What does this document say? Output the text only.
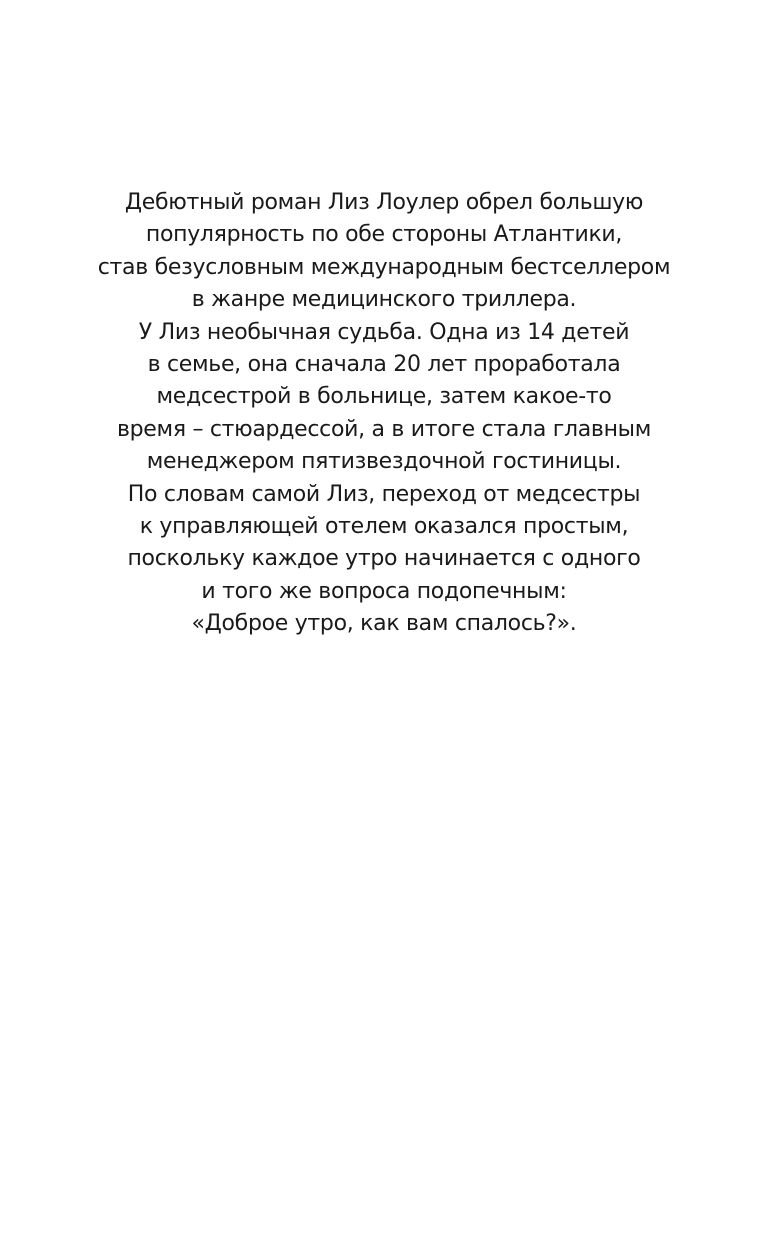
Дебютный роман Лиз Лоулер обрел большую
популярность по обе стороны Атлантики,
став безусловным международным бестселлером
в жанре медицинского триллера.
У Лиз необычная судьба. Одна из 14 детей
в семье, она сначала 20 лет проработала
медсестрой в больнице, затем какое-то
время – стюардессой, а в итоге стала главным
менеджером пятизвездочной гостиницы.
По словам самой Лиз, переход от медсестры
к управляющей отелем оказался простым,
поскольку каждое утро начинается с одного
и того же вопроса подопечным:
«Доброе утро, как вам спалось?».
